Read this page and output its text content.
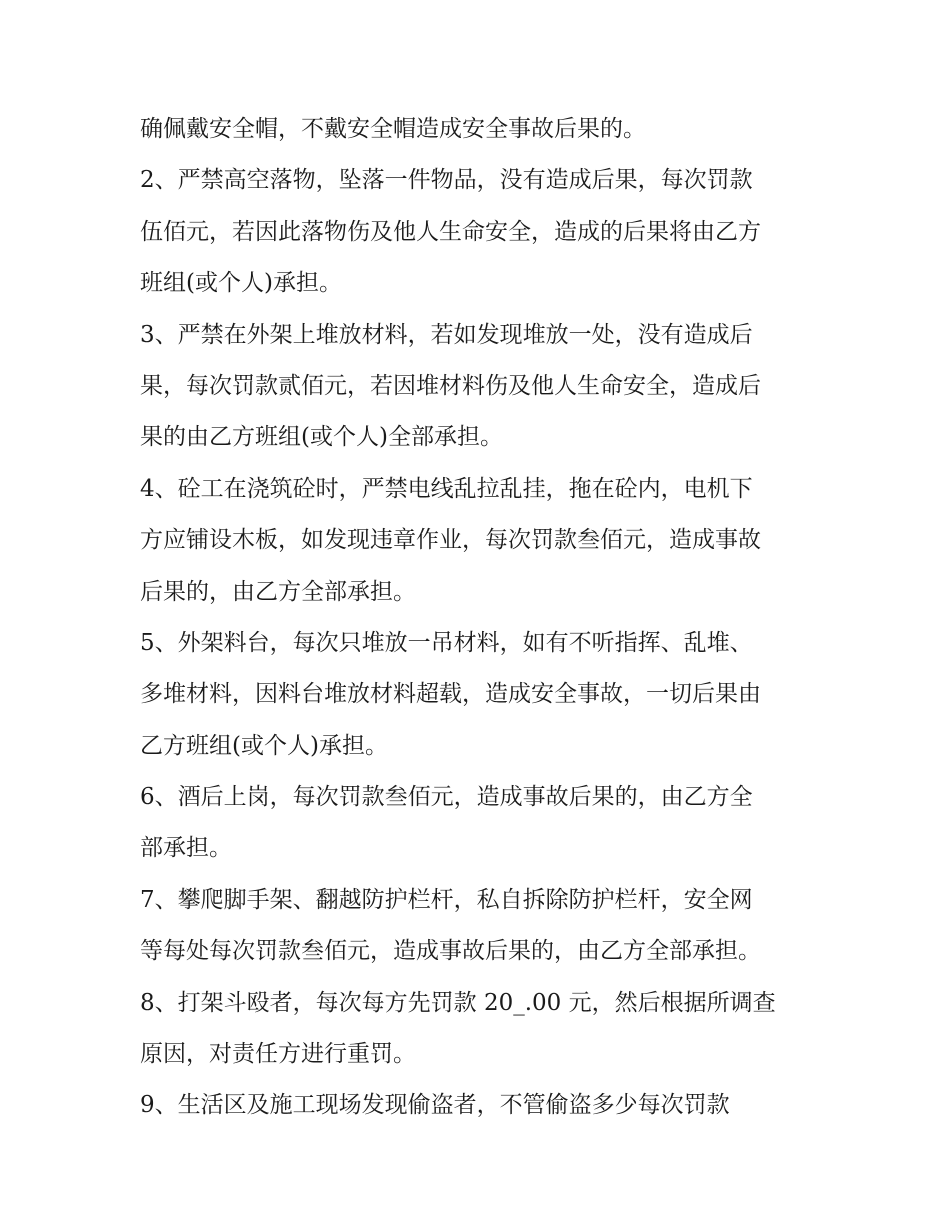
确佩戴安全帽，不戴安全帽造成安全事故后果的。
2、严禁高空落物，坠落一件物品，没有造成后果，每次罚款
伍佰元，若因此落物伤及他人生命安全，造成的后果将由乙方
班组(或个人)承担。
3、严禁在外架上堆放材料，若如发现堆放一处，没有造成后
果，每次罚款贰佰元，若因堆材料伤及他人生命安全，造成后
果的由乙方班组(或个人)全部承担。
4、砼工在浇筑砼时，严禁电线乱拉乱挂，拖在砼内，电机下
方应铺设木板，如发现违章作业，每次罚款叁佰元，造成事故
后果的，由乙方全部承担。
5、外架料台，每次只堆放一吊材料，如有不听指挥、乱堆、
多堆材料，因料台堆放材料超载，造成安全事故，一切后果由
乙方班组(或个人)承担。
6、酒后上岗，每次罚款叁佰元，造成事故后果的，由乙方全
部承担。
7、攀爬脚手架、翻越防护栏杆，私自拆除防护栏杆，安全网
等每处每次罚款叁佰元，造成事故后果的，由乙方全部承担。
8、打架斗殴者，每次每方先罚款 20_.00 元，然后根据所调查
原因，对责任方进行重罚。
9、生活区及施工现场发现偷盗者，不管偷盗多少每次罚款
